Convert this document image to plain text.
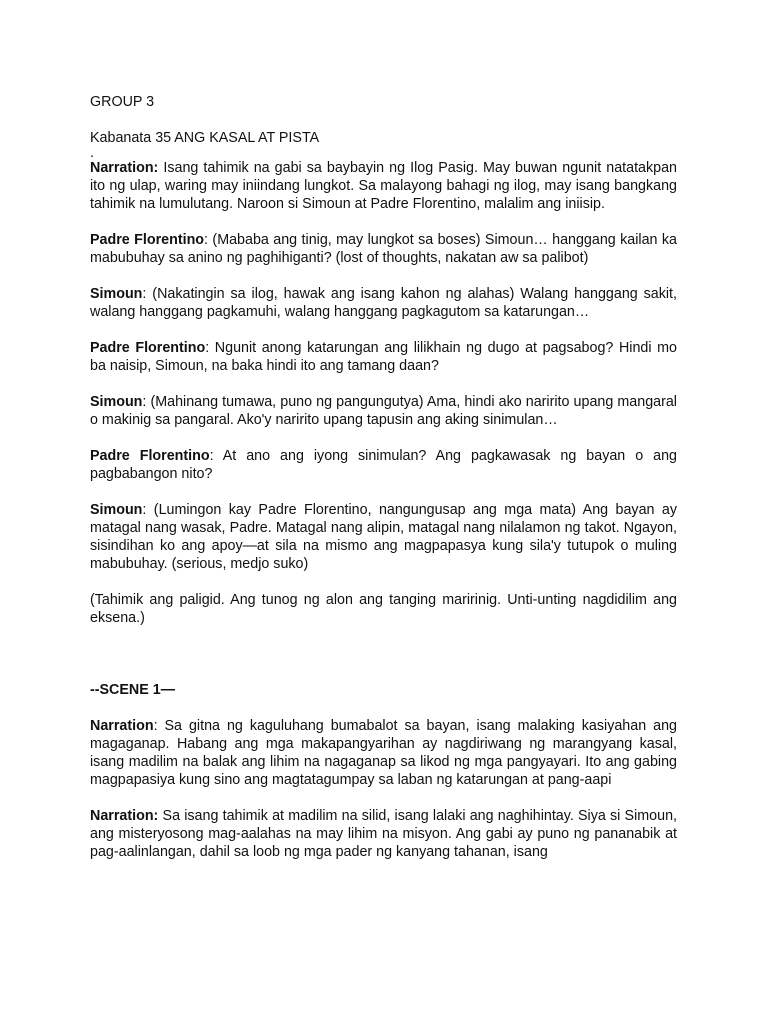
GROUP 3

Kabanata 35 ANG KASAL AT PISTA

.

Narration: Isang tahimik na gabi sa baybayin ng Ilog Pasig. May buwan ngunit natatakpan ito ng ulap, waring may iniindang lungkot. Sa malayong bahagi ng ilog, may isang bangkang tahimik na lumulutang. Naroon si Simoun at Padre Florentino, malalim ang iniisip.

Padre Florentino: (Mababa ang tinig, may lungkot sa boses) Simoun… hanggang kailan ka mabubuhay sa anino ng paghihiganti? (lost of thoughts, nakatan aw sa palibot)

Simoun: (Nakatingin sa ilog, hawak ang isang kahon ng alahas) Walang hanggang sakit, walang hanggang pagkamuhi, walang hanggang pagkagutom sa katarungan…

Padre Florentino: Ngunit anong katarungan ang lilikhain ng dugo at pagsabog? Hindi mo ba naisip, Simoun, na baka hindi ito ang tamang daan?

Simoun: (Mahinang tumawa, puno ng pangungutya) Ama, hindi ako naririto upang mangaral o makinig sa pangaral. Ako'y naririto upang tapusin ang aking sinimulan…

Padre Florentino: At ano ang iyong sinimulan? Ang pagkawasak ng bayan o ang pagbabangon nito?

Simoun: (Lumingon kay Padre Florentino, nangungusap ang mga mata) Ang bayan ay matagal nang wasak, Padre. Matagal nang alipin, matagal nang nilalamon ng takot. Ngayon, sisindihan ko ang apoy—at sila na mismo ang magpapasya kung sila'y tutupok o muling mabubuhay. (serious, medjo suko)

(Tahimik ang paligid. Ang tunog ng alon ang tanging maririnig. Unti-unting nagdidilim ang eksena.)

--SCENE 1—

Narration: Sa gitna ng kaguluhang bumabalot sa bayan, isang malaking kasiyahan ang magaganap. Habang ang mga makapangyarihan ay nagdiriwang ng marangyang kasal, isang madilim na balak ang lihim na nagaganap sa likod ng mga pangyayari. Ito ang gabing magpapasiya kung sino ang magtatagumpay sa laban ng katarungan at pang-aapi

Narration: Sa isang tahimik at madilim na silid, isang lalaki ang naghihintay. Siya si Simoun, ang misteryosong mag-aalahas na may lihim na misyon. Ang gabi ay puno ng pananabik at pag-aalinlangan, dahil sa loob ng mga pader ng kanyang tahanan, isang
